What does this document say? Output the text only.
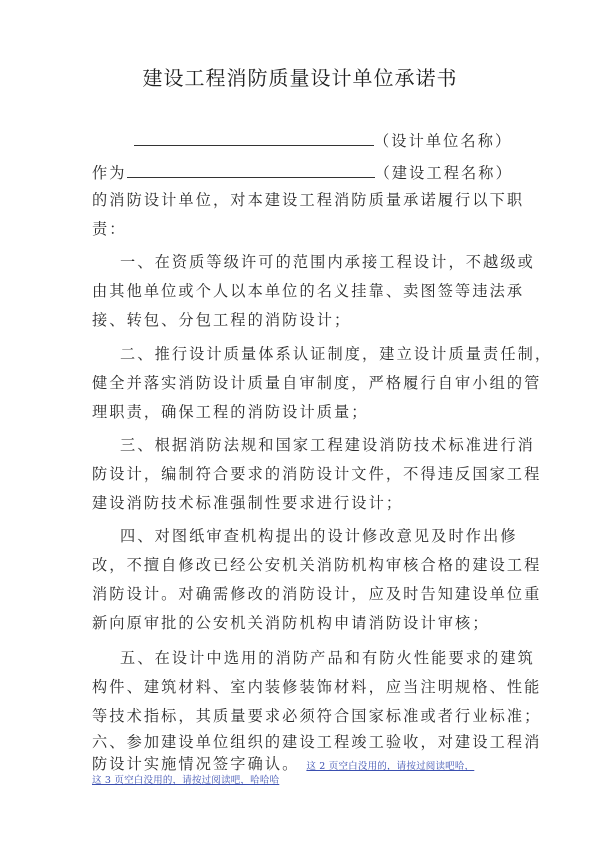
建设工程消防质量设计单位承诺书
（设计单位名称）
作为	（建设工程名称）
的消防设计单位，对本建设工程消防质量承诺履行以下职
责：
一、在资质等级许可的范围内承接工程设计，不越级或
由其他单位或个人以本单位的名义挂靠、卖图签等违法承
接、转包、分包工程的消防设计；
二、推行设计质量体系认证制度，建立设计质量责任制，
健全并落实消防设计质量自审制度，严格履行自审小组的管
理职责，确保工程的消防设计质量；
三、根据消防法规和国家工程建设消防技术标准进行消
防设计，编制符合要求的消防设计文件，不得违反国家工程
建设消防技术标准强制性要求进行设计；
四、对图纸审查机构提出的设计修改意见及时作出修
改，不擅自修改已经公安机关消防机构审核合格的建设工程
消防设计。对确需修改的消防设计，应及时告知建设单位重
新向原审批的公安机关消防机构申请消防设计审核；
五、在设计中选用的消防产品和有防火性能要求的建筑
构件、建筑材料、室内装修装饰材料，应当注明规格、性能
等技术指标，其质量要求必须符合国家标准或者行业标准；
六、参加建设单位组织的建设工程竣工验收，对建设工程消
防设计实施情况签字确认。 这 2 页空白没用的，请按过阅读吧哈，
这 3 页空白没用的，请按过阅读吧，哈哈哈
